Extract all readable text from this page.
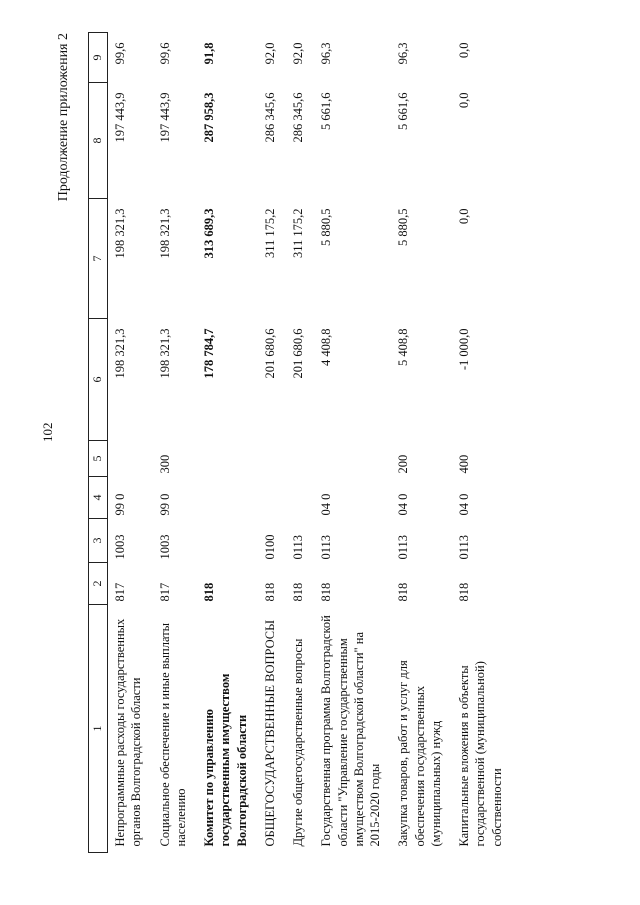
102
Продолжение приложения 2
1	2	3	4	5	6	7	8	9
Непрограммные расходы государственных органов Волгоградской области	817	1003	99 0		198 321,3	198 321,3	197 443,9	99,6
Социальное обеспечение и иные выплаты населению	817	1003	99 0	300	198 321,3	198 321,3	197 443,9	99,6
Комитет по управлению государственным имуществом Волгоградской области	818				178 784,7	313 689,3	287 958,3	91,8
ОБЩЕГОСУДАРСТВЕННЫЕ ВОПРОСЫ	818	0100			201 680,6	311 175,2	286 345,6	92,0
Другие общегосударственные вопросы	818	0113			201 680,6	311 175,2	286 345,6	92,0
Государственная программа Волгоградской области "Управление государственным имуществом Волгоградской области" на 2015-2020 годы	818	0113	04 0		4 408,8	5 880,5	5 661,6	96,3
Закупка товаров, работ и услуг для обеспечения государственных (муниципальных) нужд	818	0113	04 0	200	5 408,8	5 880,5	5 661,6	96,3
Капитальные вложения в объекты государственной (муниципальной) собственности	818	0113	04 0	400	-1 000,0	0,0	0,0	0,0
